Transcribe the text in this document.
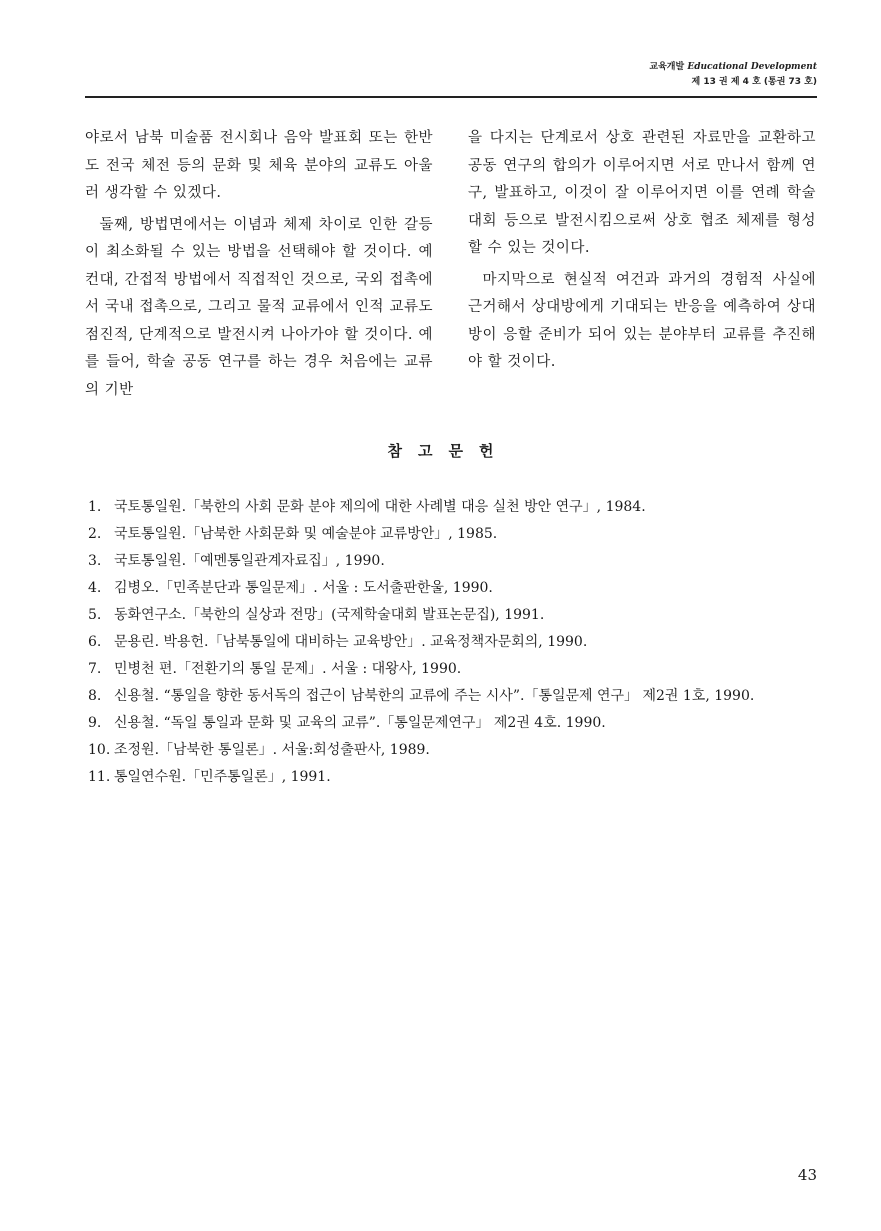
교육개발 Educational Development
제 13 권 제 4 호 (통권 73 호)

야로서 남북 미술품 전시회나 음악 발표회 또는 한반도 전국 체전 등의 문화 및 체육 분야의 교류도 아울러 생각할 수 있겠다.

둘째, 방법면에서는 이념과 체제 차이로 인한 갈등이 최소화될 수 있는 방법을 선택해야 할 것이다. 예컨대, 간접적 방법에서 직접적인 것으로, 국외 접촉에서 국내 접촉으로, 그리고 물적 교류에서 인적 교류도 점진적, 단계적으로 발전시켜 나아가야 할 것이다. 예를 들어, 학술 공동 연구를 하는 경우 처음에는 교류의 기반

을 다지는 단계로서 상호 관련된 자료만을 교환하고 공동 연구의 합의가 이루어지면 서로 만나서 함께 연구, 발표하고, 이것이 잘 이루어지면 이를 연례 학술 대회 등으로 발전시킴으로써 상호 협조 체제를 형성할 수 있는 것이다.

마지막으로 현실적 여건과 과거의 경험적 사실에 근거해서 상대방에게 기대되는 반응을 예측하여 상대방이 응할 준비가 되어 있는 분야부터 교류를 추진해야 할 것이다.

참고문헌
1. 국토통일원.「북한의 사회 문화 분야 제의에 대한 사례별 대응 실천 방안 연구」, 1984.
2. 국토통일원.「남북한 사회문화 및 예술분야 교류방안」, 1985.
3. 국토통일원.「예멘통일관계자료집」, 1990.
4. 김병오.「민족분단과 통일문제」. 서울 : 도서출판한울, 1990.
5. 동화연구소.「북한의 실상과 전망」(국제학술대회 발표논문집), 1991.
6. 문용린. 박용헌.「남북통일에 대비하는 교육방안」. 교육정책자문회의, 1990.
7. 민병천 편.「전환기의 통일 문제」. 서울 : 대왕사, 1990.
8. 신용철. “통일을 향한 동서독의 접근이 남북한의 교류에 주는 시사”.「통일문제 연구」 제2권 1호, 1990.
9. 신용철. “독일 통일과 문화 및 교육의 교류”.「통일문제연구」 제2권 4호. 1990.
10. 조정원.「남북한 통일론」. 서울:회성출판사, 1989.
11. 통일연수원.「민주통일론」, 1991.
43
